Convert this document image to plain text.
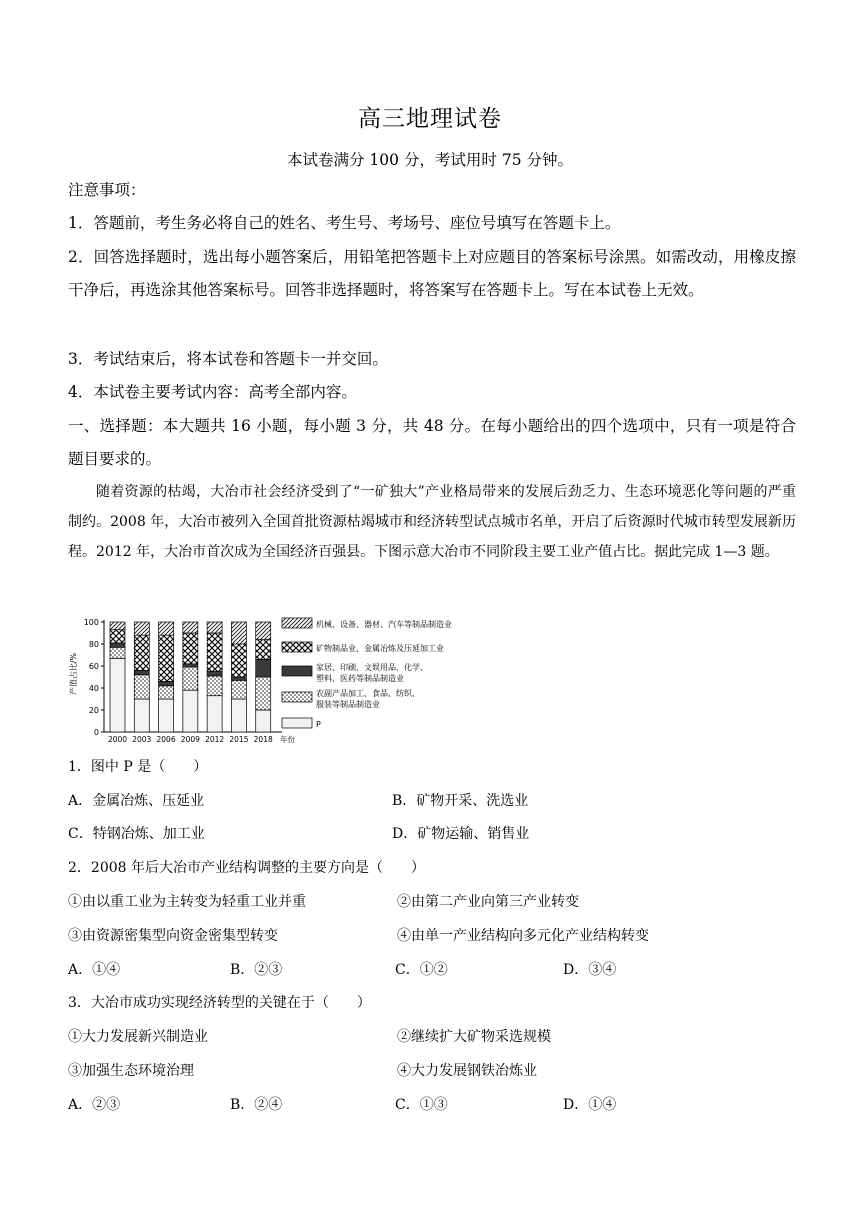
高三地理试卷
本试卷满分 100 分，考试用时 75 分钟。
注意事项：
1．答题前，考生务必将自己的姓名、考生号、考场号、座位号填写在答题卡上。
2．回答选择题时，选出每小题答案后，用铅笔把答题卡上对应题目的答案标号涂黑。如需改动，用橡皮擦干净后，再选涂其他答案标号。回答非选择题时，将答案写在答题卡上。写在本试卷上无效。
3．考试结束后，将本试卷和答题卡一并交回。
4．本试卷主要考试内容：高考全部内容。
一、选择题：本大题共 16 小题，每小题 3 分，共 48 分。在每小题给出的四个选项中，只有一项是符合题目要求的。
随着资源的枯竭，大冶市社会经济受到了“一矿独大”产业格局带来的发展后劲乏力、生态环境恶化等问题的严重制约。2008 年，大冶市被列入全国首批资源枯竭城市和经济转型试点城市名单，开启了后资源时代城市转型发展新历程。2012 年，大冶市首次成为全国经济百强县。下图示意大冶市不同阶段主要工业产值占比。据此完成 1—3 题。
产值占比/%
0
20
40
60
80
100
2000 2003 2006 2009 2012 2015 2018 年份
机械、设备、器材、汽车等制品制造业
矿物制品业、金属冶炼及压延加工业
家居、印刷、文娱用品、化学、
塑料、医药等制品制造业
农副产品加工、食品、纺织、
服装等制品制造业
P
1．图中 P 是（　　）
A．金属冶炼、压延业	B．矿物开采、洗选业
C．特钢冶炼、加工业	D．矿物运输、销售业
2．2008 年后大冶市产业结构调整的主要方向是（　　）
①由以重工业为主转变为轻重工业并重	②由第二产业向第三产业转变
③由资源密集型向资金密集型转变	④由单一产业结构向多元化产业结构转变
A．①④	B．②③	C．①②	D．③④
3．大冶市成功实现经济转型的关键在于（　　）
①大力发展新兴制造业	②继续扩大矿物采选规模
③加强生态环境治理	④大力发展钢铁冶炼业
A．②③	B．②④	C．①③	D．①④
